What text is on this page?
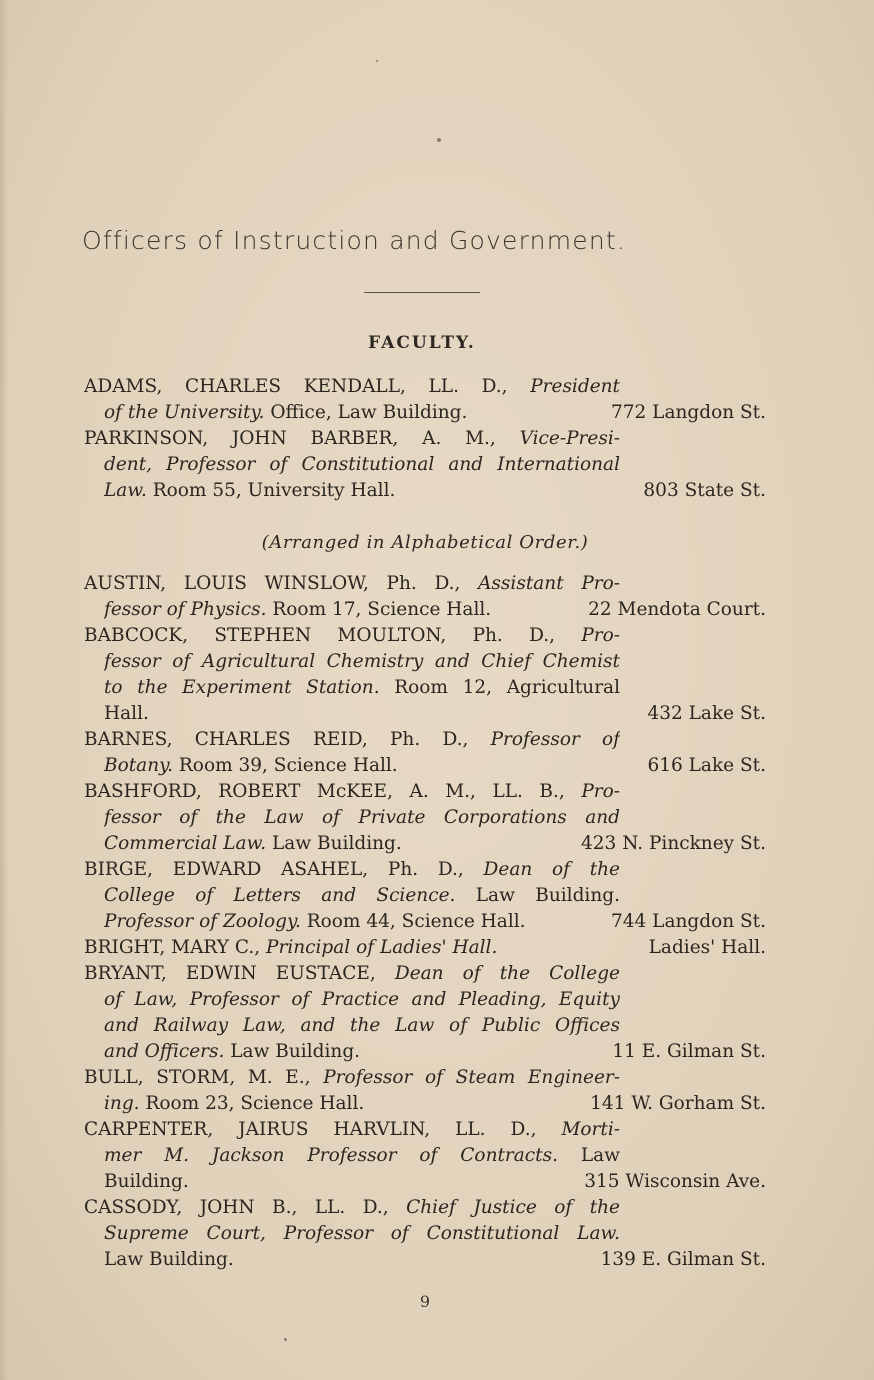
Officers of Instruction and Government.
FACULTY.
ADAMS, CHARLES KENDALL, LL. D., President
of the University. Office, Law Building.	772 Langdon St.
PARKINSON, JOHN BARBER, A. M., Vice-Presi-
dent, Professor of Constitutional and International
Law. Room 55, University Hall.	803 State St.
(Arranged in Alphabetical Order.)
AUSTIN, LOUIS WINSLOW, Ph. D., Assistant Pro-
fessor of Physics. Room 17, Science Hall.	22 Mendota Court.
BABCOCK, STEPHEN MOULTON, Ph. D., Pro-
fessor of Agricultural Chemistry and Chief Chemist
to the Experiment Station. Room 12, Agricultural
Hall.	432 Lake St.
BARNES, CHARLES REID, Ph. D., Professor of
Botany. Room 39, Science Hall.	616 Lake St.
BASHFORD, ROBERT McKEE, A. M., LL. B., Pro-
fessor of the Law of Private Corporations and
Commercial Law. Law Building.	423 N. Pinckney St.
BIRGE, EDWARD ASAHEL, Ph. D., Dean of the
College of Letters and Science. Law Building.
Professor of Zoology. Room 44, Science Hall.	744 Langdon St.
BRIGHT, MARY C., Principal of Ladies' Hall.	Ladies' Hall.
BRYANT, EDWIN EUSTACE, Dean of the College
of Law, Professor of Practice and Pleading, Equity
and Railway Law, and the Law of Public Offices
and Officers. Law Building.	11 E. Gilman St.
BULL, STORM, M. E., Professor of Steam Engineer-
ing. Room 23, Science Hall.	141 W. Gorham St.
CARPENTER, JAIRUS HARVLIN, LL. D., Morti-
mer M. Jackson Professor of Contracts. Law
Building.	315 Wisconsin Ave.
CASSODY, JOHN B., LL. D., Chief Justice of the
Supreme Court, Professor of Constitutional Law.
Law Building.	139 E. Gilman St.
9
